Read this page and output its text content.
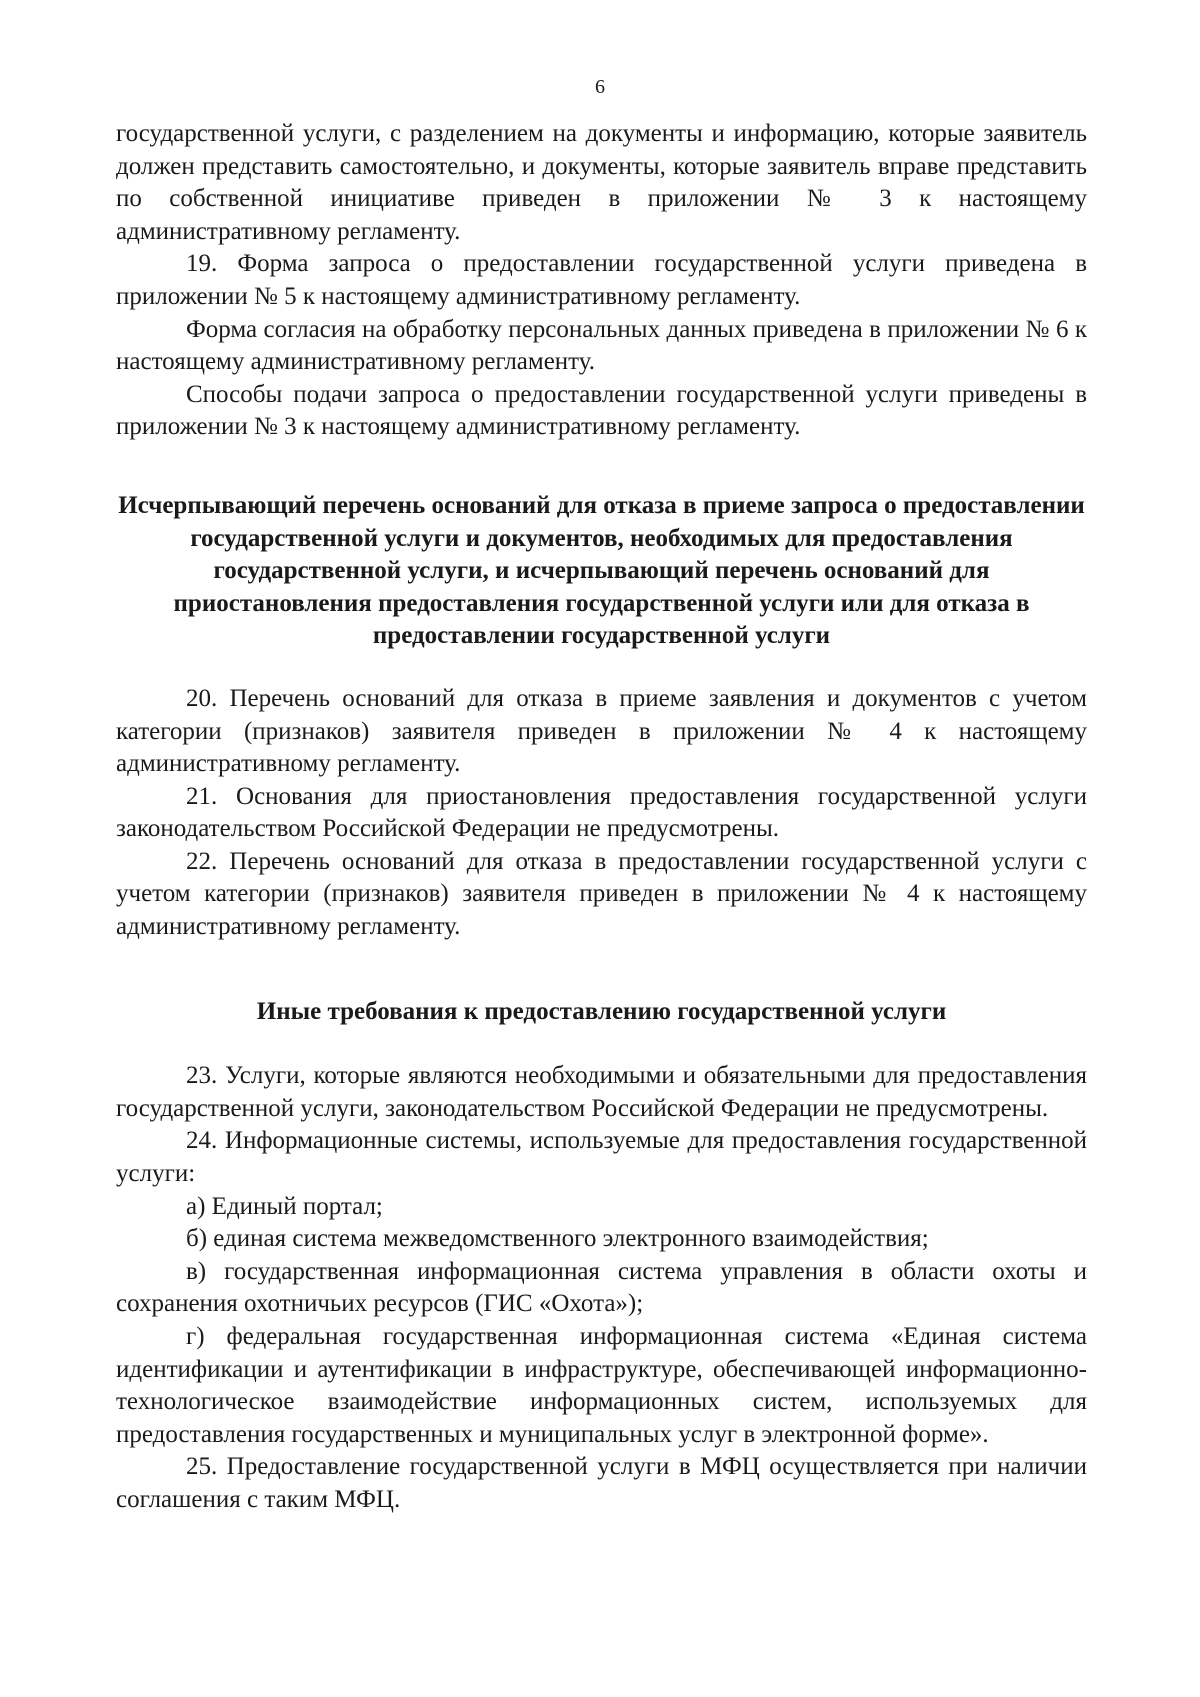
6

государственной услуги, с разделением на документы и информацию, которые заявитель должен представить самостоятельно, и документы, которые заявитель вправе представить по собственной инициативе приведен в приложении № 3 к настоящему административному регламенту.

19. Форма запроса о предоставлении государственной услуги приведена в приложении № 5 к настоящему административному регламенту.

Форма согласия на обработку персональных данных приведена в приложении № 6 к настоящему административному регламенту.

Способы подачи запроса о предоставлении государственной услуги приведены в приложении № 3 к настоящему административному регламенту.

Исчерпывающий перечень оснований для отказа в приеме запроса о предоставлении государственной услуги и документов, необходимых для предоставления государственной услуги, и исчерпывающий перечень оснований для приостановления предоставления государственной услуги или для отказа в предоставлении государственной услуги

20. Перечень оснований для отказа в приеме заявления и документов с учетом категории (признаков) заявителя приведен в приложении № 4 к настоящему административному регламенту.

21. Основания для приостановления предоставления государственной услуги законодательством Российской Федерации не предусмотрены.

22. Перечень оснований для отказа в предоставлении государственной услуги с учетом категории (признаков) заявителя приведен в приложении № 4 к настоящему административному регламенту.

Иные требования к предоставлению государственной услуги

23. Услуги, которые являются необходимыми и обязательными для предоставления государственной услуги, законодательством Российской Федерации не предусмотрены.

24. Информационные системы, используемые для предоставления государственной услуги:

а) Единый портал;

б) единая система межведомственного электронного взаимодействия;

в) государственная информационная система управления в области охоты и сохранения охотничьих ресурсов (ГИС «Охота»);

г) федеральная государственная информационная система «Единая система идентификации и аутентификации в инфраструктуре, обеспечивающей информационно-технологическое взаимодействие информационных систем, используемых для предоставления государственных и муниципальных услуг в электронной форме».

25. Предоставление государственной услуги в МФЦ осуществляется при наличии соглашения с таким МФЦ.
